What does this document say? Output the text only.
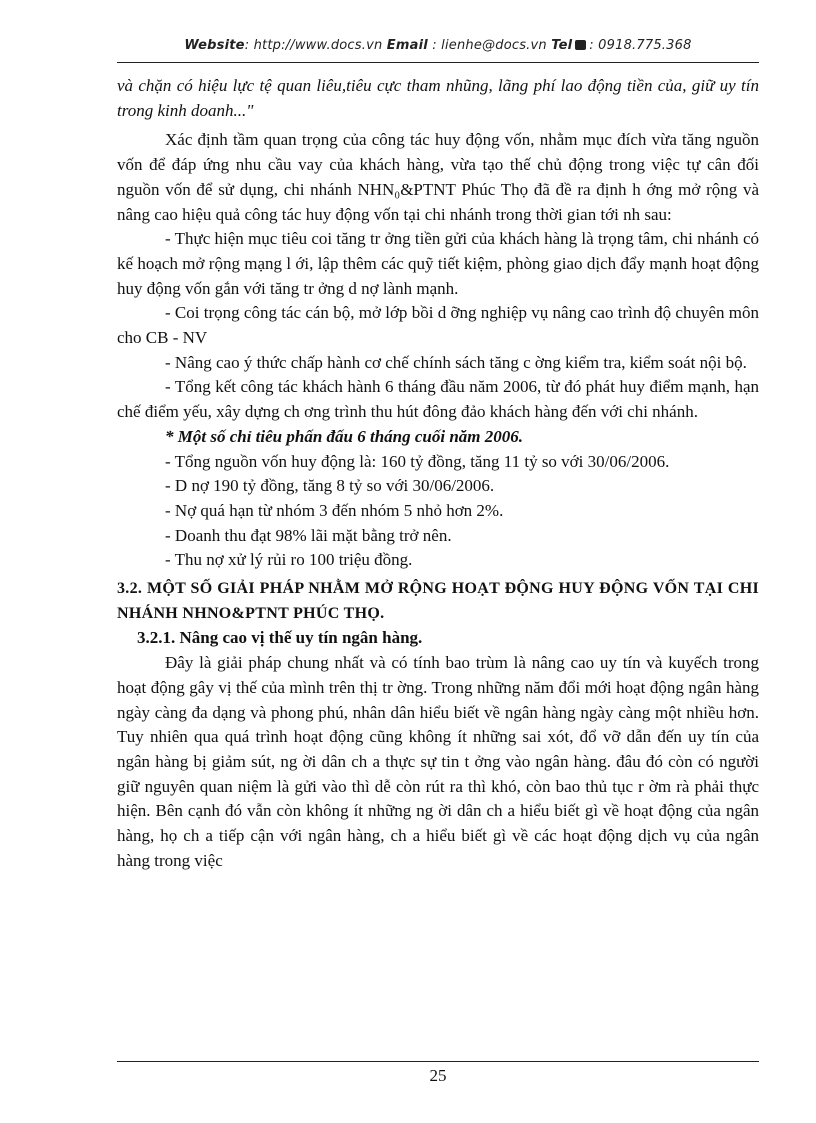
Website: http://www.docs.vn Email : lienhe@docs.vn Tel : 0918.775.368

và chặn có hiệu lực tệ quan liêu,tiêu cực tham nhũng, lãng phí lao động tiền của, giữ uy tín trong kinh doanh..."

Xác định tầm quan trọng của công tác huy động vốn, nhằm mục đích vừa tăng nguồn vốn để đáp ứng nhu cầu vay của khách hàng, vừa tạo thế chủ động trong việc tự cân đối nguồn vốn để sử dụng, chi nhánh NHN₀&PTNT Phúc Thọ đã đề ra định h ớng mở rộng và nâng cao hiệu quả công tác huy động vốn tại chi nhánh trong thời gian tới nh sau:

- Thực hiện mục tiêu coi tăng tr ởng tiền gửi của khách hàng là trọng tâm, chi nhánh có kế hoạch mở rộng mạng l ới, lập thêm các quỹ tiết kiệm, phòng giao dịch đẩy mạnh hoạt động huy động vốn gắn với tăng tr ởng d nợ lành mạnh.

- Coi trọng công tác cán bộ, mở lớp bồi d ỡng nghiệp vụ nâng cao trình độ chuyên môn cho CB - NV

- Nâng cao ý thức chấp hành cơ chế chính sách tăng c ờng kiểm tra, kiểm soát nội bộ.

- Tổng kết công tác khách hành 6 tháng đầu năm 2006, từ đó phát huy điểm mạnh, hạn chế điểm yếu, xây dựng ch ơng trình thu hút đông đảo khách hàng đến với chi nhánh.

* Một số chỉ tiêu phấn đấu 6 tháng cuối năm 2006.

- Tổng nguồn vốn huy động là: 160 tỷ đồng, tăng 11 tỷ so với 30/06/2006.

- D nợ 190 tỷ đồng, tăng 8 tỷ so với 30/06/2006.

- Nợ quá hạn từ nhóm 3 đến nhóm 5 nhỏ hơn 2%.

- Doanh thu đạt 98% lãi mặt bằng trở nên.

- Thu nợ xử lý rủi ro 100 triệu đồng.

3.2. MỘT SỐ GIẢI PHÁP NHẰM MỞ RỘNG HOẠT ĐỘNG HUY ĐỘNG VỐN TẠI CHI NHÁNH NHNO&PTNT PHÚC THỌ.

3.2.1. Nâng cao vị thế uy tín ngân hàng.

Đây là giải pháp chung nhất và có tính bao trùm là nâng cao uy tín và kuyếch trong hoạt động gây vị thế của mình trên thị tr ờng. Trong những năm đổi mới hoạt động ngân hàng ngày càng đa dạng và phong phú, nhân dân hiểu biết về ngân hàng ngày càng một nhiều hơn. Tuy nhiên qua quá trình hoạt động cũng không ít những sai xót, đổ vỡ dẫn đến uy tín của ngân hàng bị giảm sút, ng ời dân ch a thực sự tin t ởng vào ngân hàng. đâu đó còn có người giữ nguyên quan niệm là gửi vào thì dễ còn rút ra thì khó, còn bao thủ tục r ờm rà phải thực hiện. Bên cạnh đó vẫn còn không ít những ng ời dân ch a hiểu biết gì về hoạt động của ngân hàng, họ ch a tiếp cận với ngân hàng, ch a hiểu biết gì về các hoạt động dịch vụ của ngân hàng trong việc

25
